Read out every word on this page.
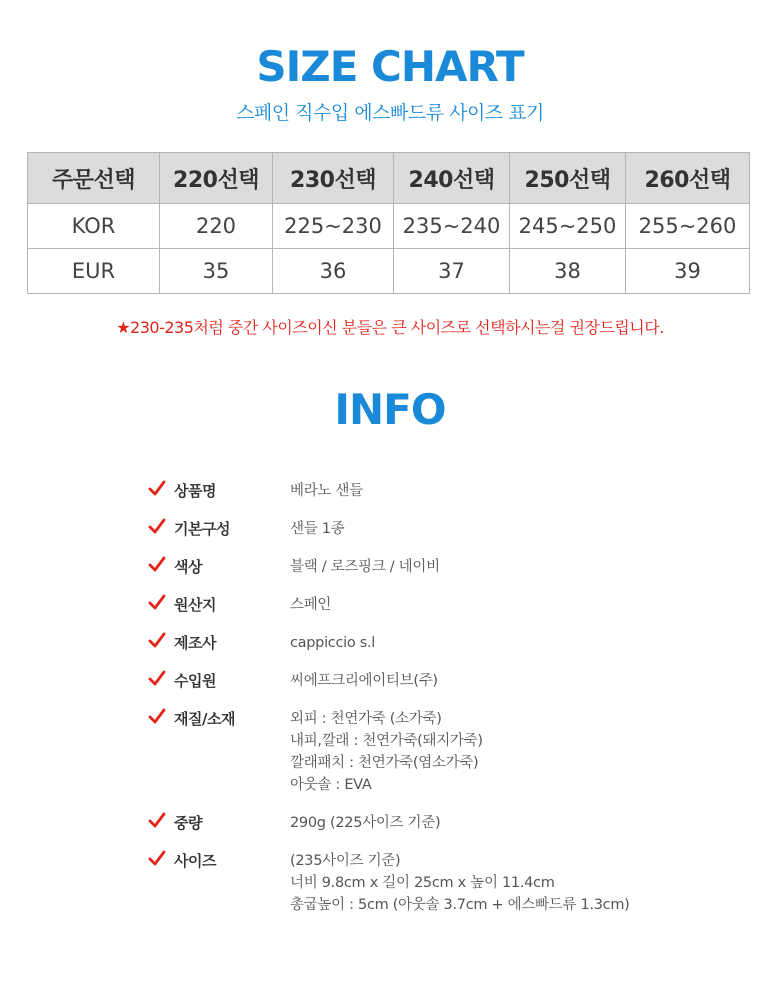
SIZE CHART
스페인 직수입 에스빠드류 사이즈 표기
주문선택	220선택	230선택	240선택	250선택	260선택
KOR	220	225~230	235~240	245~250	255~260
EUR	35	36	37	38	39
★230-235처럼 중간 사이즈이신 분들은 큰 사이즈로 선택하시는걸 권장드립니다.
INFO
상품명	베라노 샌들
기본구성	샌들 1종
색상	블랙 / 로즈핑크 / 네이비
원산지	스페인
제조사	cappiccio s.l
수입원	씨에프크리에이티브(주)
재질/소재	외피 : 천연가죽 (소가죽)
내피,깔래 : 천연가죽(돼지가죽)
깔래패치 : 천연가죽(염소가죽)
아웃솔 : EVA
중량	290g (225사이즈 기준)
사이즈	(235사이즈 기준)
너비 9.8cm x 길이 25cm x 높이 11.4cm
총굽높이 : 5cm (아웃솔 3.7cm + 에스빠드류 1.3cm)
